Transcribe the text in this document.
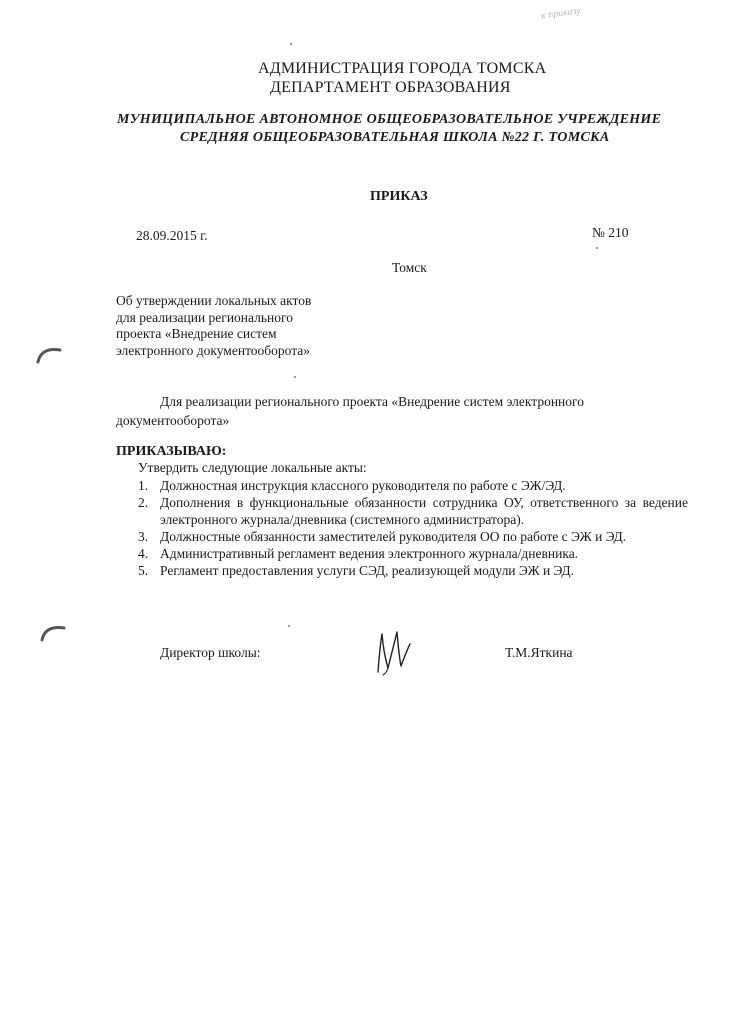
к приказу
АДМИНИСТРАЦИЯ ГОРОДА ТОМСКА
ДЕПАРТАМЕНТ ОБРАЗОВАНИЯ
МУНИЦИПАЛЬНОЕ АВТОНОМНОЕ ОБЩЕОБРАЗОВАТЕЛЬНОЕ УЧРЕЖДЕНИЕ
СРЕДНЯЯ ОБЩЕОБРАЗОВАТЕЛЬНАЯ ШКОЛА №22 Г. ТОМСКА
ПРИКАЗ
28.09.2015 г.	№ 210
Томск
Об утверждении локальных актов
для реализации регионального
проекта «Внедрение систем
электронного документооборота»
Для реализации регионального проекта «Внедрение систем электронного
документооборота»
ПРИКАЗЫВАЮ:
Утвердить следующие локальные акты:
1. Должностная инструкция классного руководителя по работе с ЭЖ/ЭД.
2. Дополнения в функциональные обязанности сотрудника ОУ, ответственного за ведение электронного журнала/дневника (системного администратора).
3. Должностные обязанности заместителей руководителя ОО по работе с ЭЖ и ЭД.
4. Административный регламент ведения электронного журнала/дневника.
5. Регламент предоставления услуги СЭД, реализующей модули ЭЖ и ЭД.
Директор школы:	Т.М.Яткина
